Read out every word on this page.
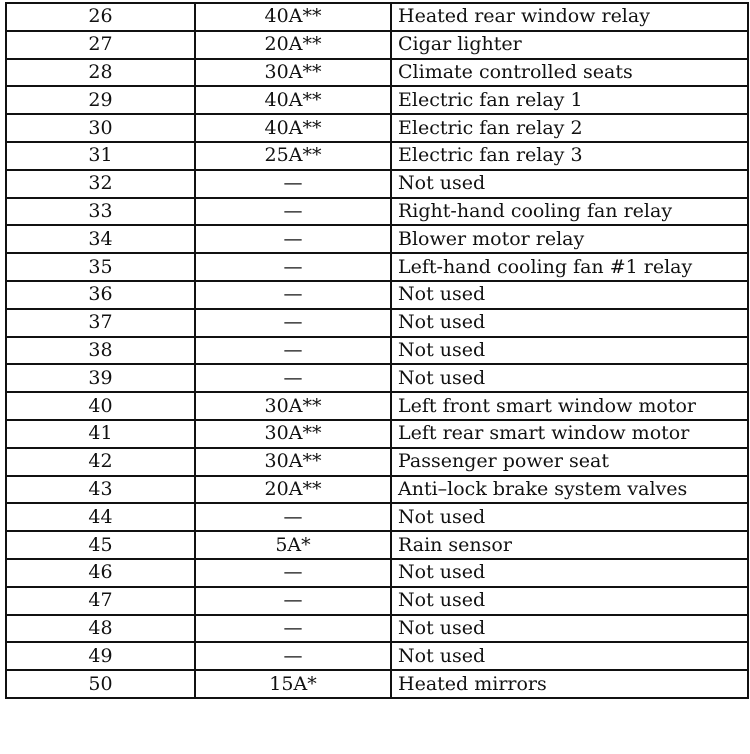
26	40A**	Heated rear window relay
27	20A**	Cigar lighter
28	30A**	Climate controlled seats
29	40A**	Electric fan relay 1
30	40A**	Electric fan relay 2
31	25A**	Electric fan relay 3
32	—	Not used
33	—	Right-hand cooling fan relay
34	—	Blower motor relay
35	—	Left-hand cooling fan #1 relay
36	—	Not used
37	—	Not used
38	—	Not used
39	—	Not used
40	30A**	Left front smart window motor
41	30A**	Left rear smart window motor
42	30A**	Passenger power seat
43	20A**	Anti–lock brake system valves
44	—	Not used
45	5A*	Rain sensor
46	—	Not used
47	—	Not used
48	—	Not used
49	—	Not used
50	15A*	Heated mirrors
